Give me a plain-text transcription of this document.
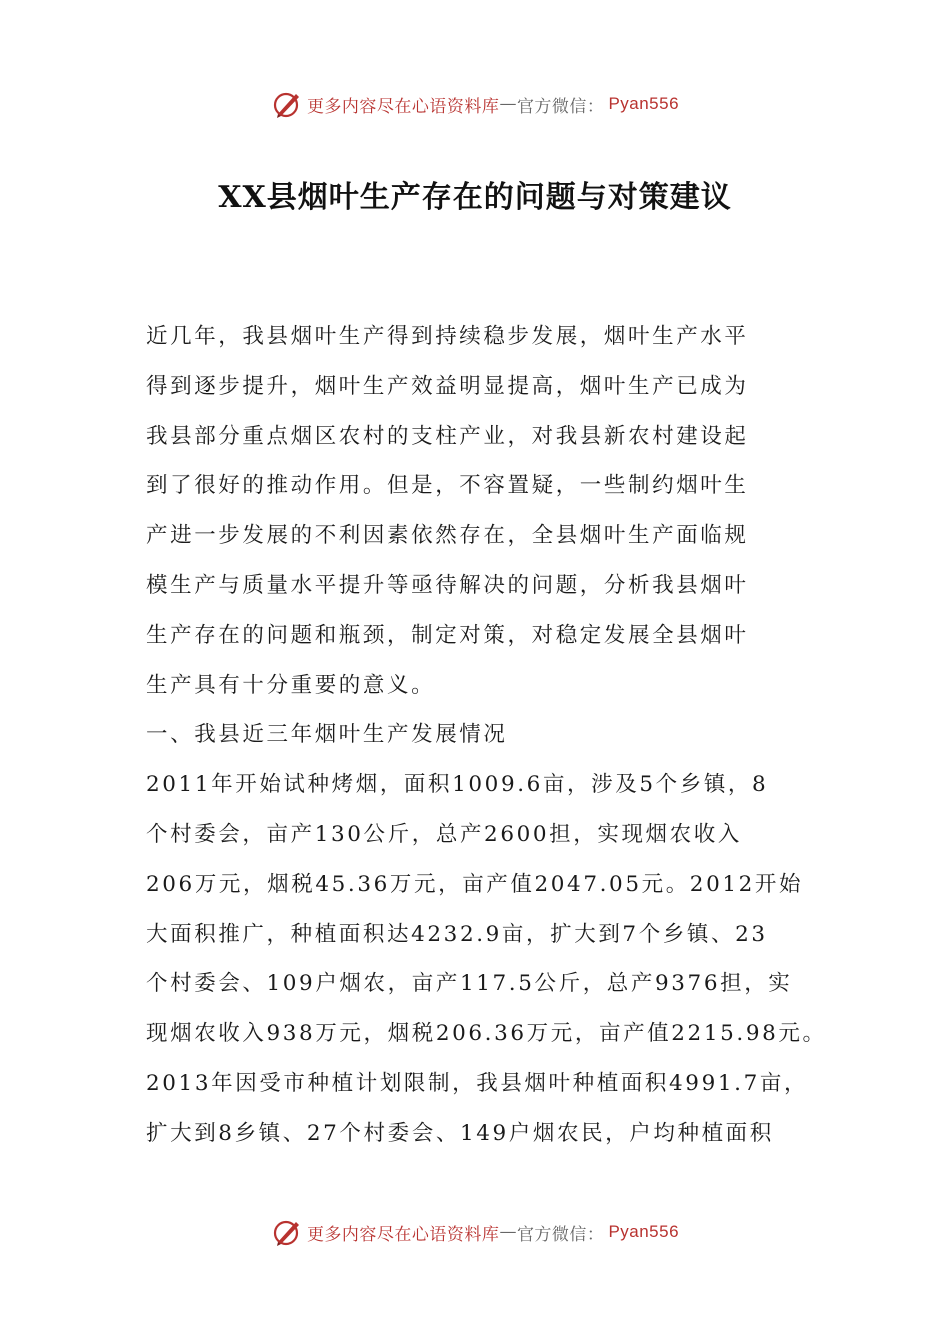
更多内容尽在心语资料库 — 官方微信： Pyan556
XX县烟叶生产存在的问题与对策建议
近几年，我县烟叶生产得到持续稳步发展，烟叶生产水平
得到逐步提升，烟叶生产效益明显提高，烟叶生产已成为
我县部分重点烟区农村的支柱产业，对我县新农村建设起
到了很好的推动作用。但是，不容置疑，一些制约烟叶生
产进一步发展的不利因素依然存在，全县烟叶生产面临规
模生产与质量水平提升等亟待解决的问题，分析我县烟叶
生产存在的问题和瓶颈，制定对策，对稳定发展全县烟叶
生产具有十分重要的意义。
一、我县近三年烟叶生产发展情况
2011年开始试种烤烟，面积1009.6亩，涉及5个乡镇，8
个村委会，亩产130公斤，总产2600担，实现烟农收入
206万元，烟税45.36万元，亩产值2047.05元。2012开始
大面积推广，种植面积达4232.9亩，扩大到7个乡镇、23
个村委会、109户烟农，亩产117.5公斤，总产9376担，实
现烟农收入938万元，烟税206.36万元，亩产值2215.98元。
2013年因受市种植计划限制，我县烟叶种植面积4991.7亩，
扩大到8乡镇、27个村委会、149户烟农民，户均种植面积
更多内容尽在心语资料库 — 官方微信： Pyan556
